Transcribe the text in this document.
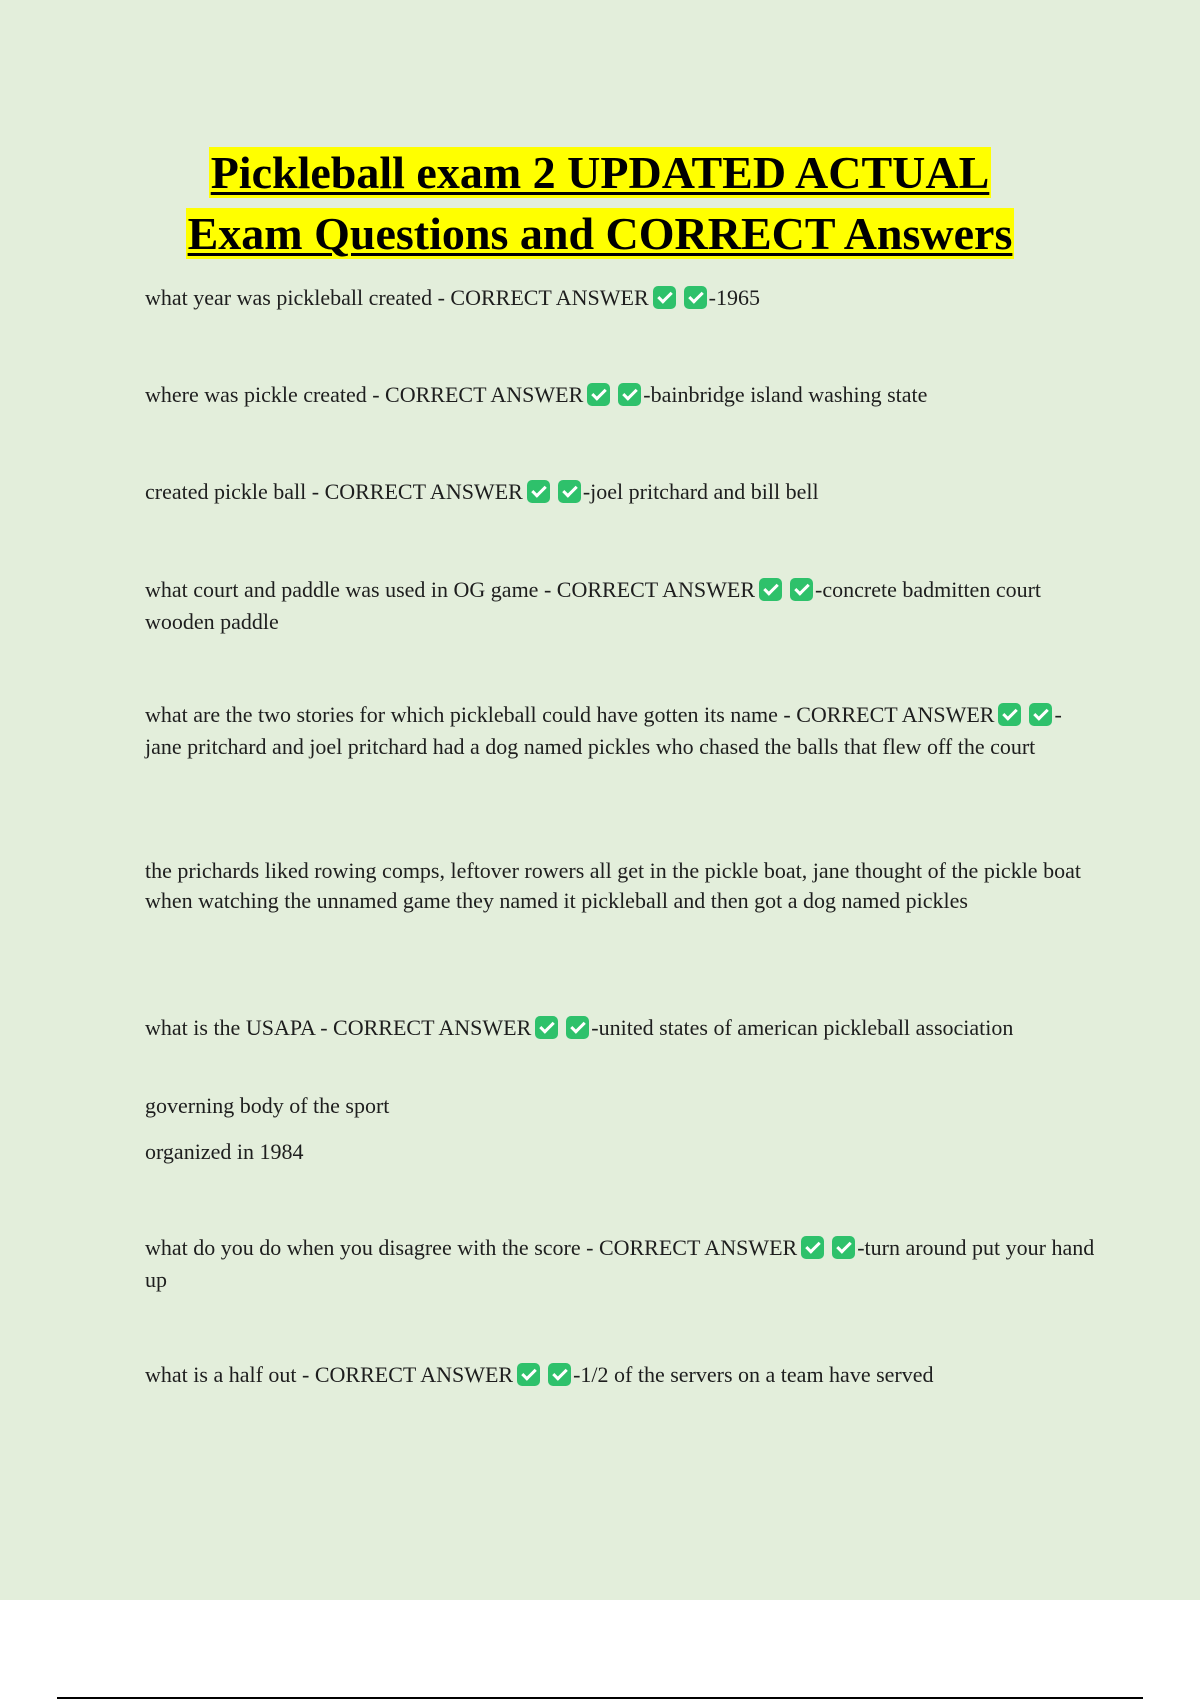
Pickleball exam 2 UPDATED ACTUAL
Exam Questions and CORRECT Answers

what year was pickleball created - CORRECT ANSWER	-1965

where was pickle created - CORRECT ANSWER	-bainbridge island washing state

created pickle ball - CORRECT ANSWER	-joel pritchard and bill bell

what court and paddle was used in OG game - CORRECT ANSWER	-concrete badmitten court wooden paddle

what are the two stories for which pickleball could have gotten its name - CORRECT ANSWER	-jane pritchard and joel pritchard had a dog named pickles who chased the balls that flew off the court

the prichards liked rowing comps, leftover rowers all get in the pickle boat, jane thought of the pickle boat when watching the unnamed game they named it pickleball and then got a dog named pickles

what is the USAPA - CORRECT ANSWER	-united states of american pickleball association

governing body of the sport

organized in 1984

what do you do when you disagree with the score - CORRECT ANSWER	-turn around put your hand up

what is a half out - CORRECT ANSWER	-1/2 of the servers on a team have served
